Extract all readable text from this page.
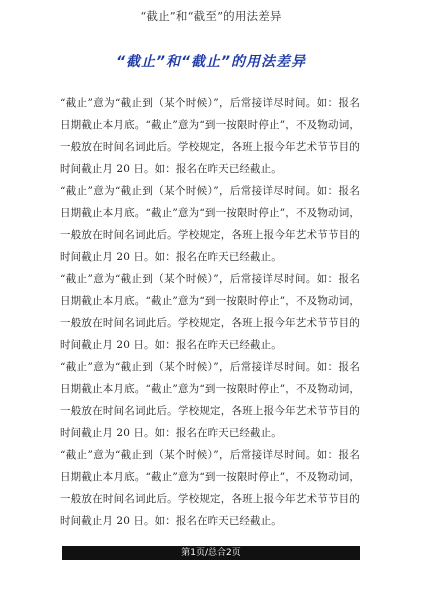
“截止”和“截至”的用法差异
“截止”和“截止”的用法差异

“截止”意为“截止到（某个时候）”，后常接详尽时间。如：报名日期截止本月底。“截止”意为“到一按限时停止”，不及物动词，一般放在时间名词此后。学校规定，各班上报今年艺术节节目的时间截止月 20 日。如：报名在昨天已经截止。

“截止”意为“截止到（某个时候）”，后常接详尽时间。如：报名日期截止本月底。“截止”意为“到一按限时停止”，不及物动词，一般放在时间名词此后。学校规定，各班上报今年艺术节节目的时间截止月 20 日。如：报名在昨天已经截止。

“截止”意为“截止到（某个时候）”，后常接详尽时间。如：报名日期截止本月底。“截止”意为“到一按限时停止”，不及物动词，一般放在时间名词此后。学校规定，各班上报今年艺术节节目的时间截止月 20 日。如：报名在昨天已经截止。

“截止”意为“截止到（某个时候）”，后常接详尽时间。如：报名日期截止本月底。“截止”意为“到一按限时停止”，不及物动词，一般放在时间名词此后。学校规定，各班上报今年艺术节节目的时间截止月 20 日。如：报名在昨天已经截止。

“截止”意为“截止到（某个时候）”，后常接详尽时间。如：报名日期截止本月底。“截止”意为“到一按限时停止”，不及物动词，一般放在时间名词此后。学校规定，各班上报今年艺术节节目的时间截止月 20 日。如：报名在昨天已经截止。

第1页/总合2页
